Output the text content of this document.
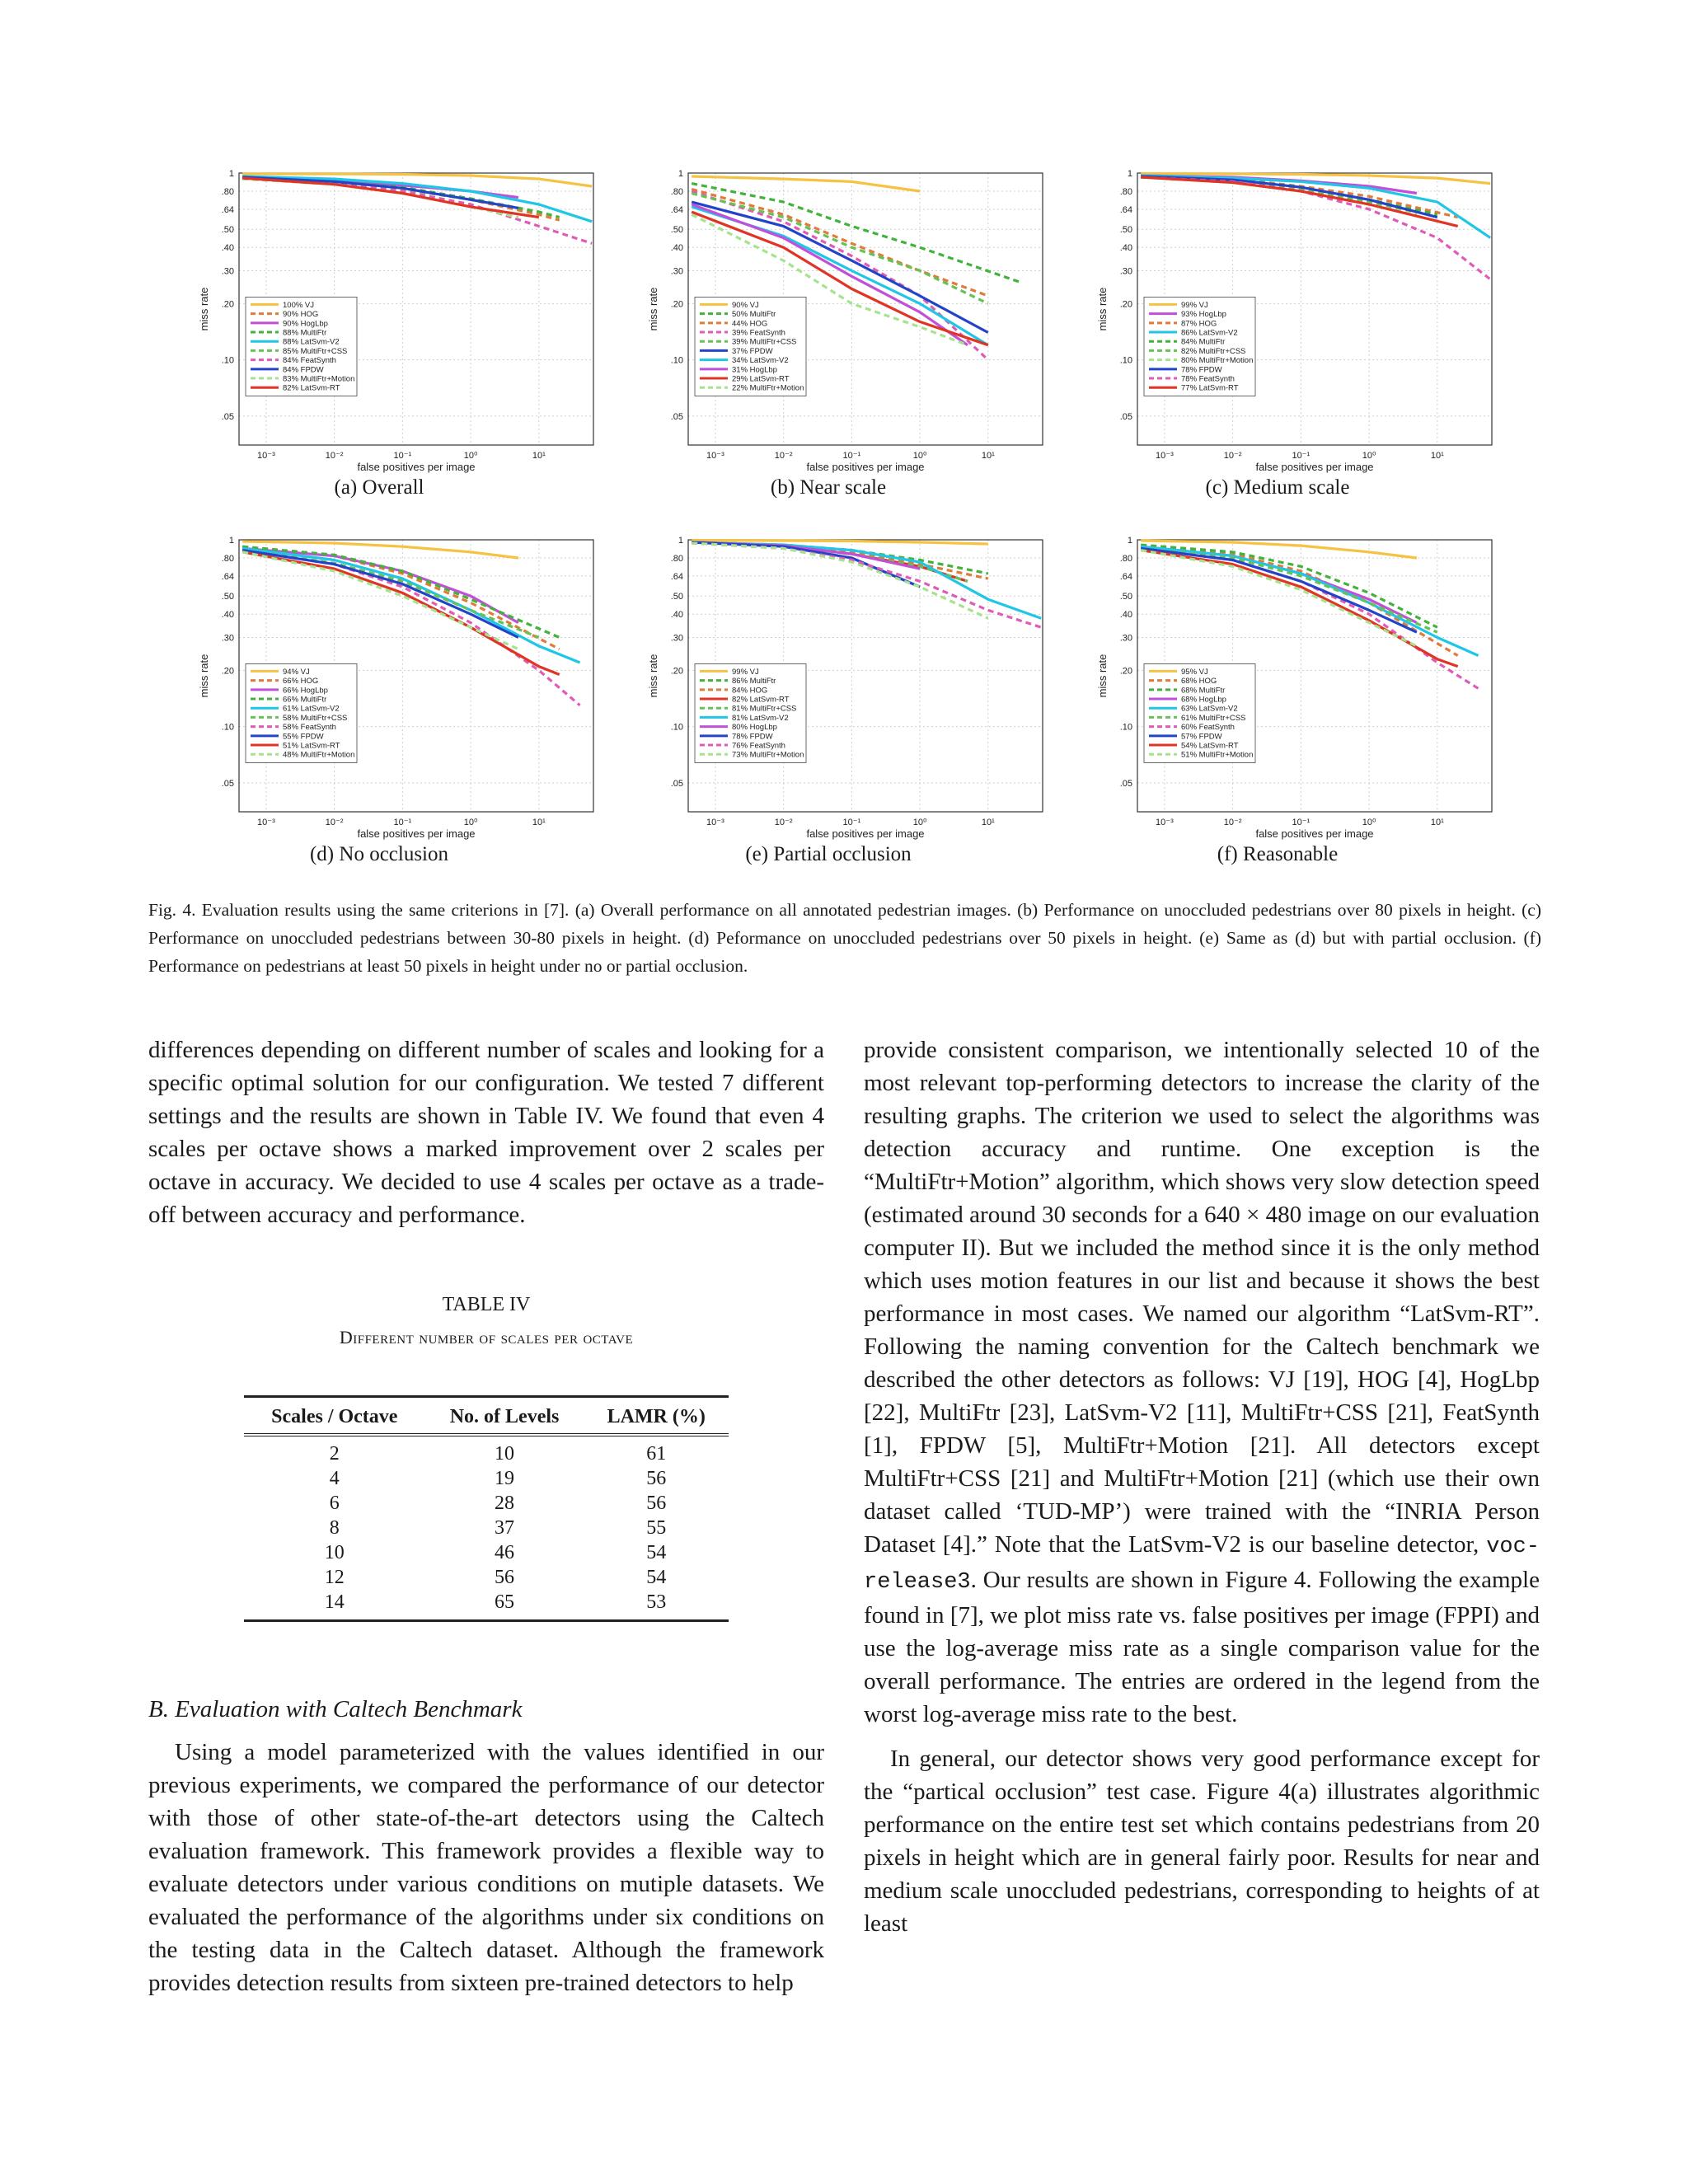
1
.80
.64
.50
.40
.30
.20
.10
.05
10⁻³	10⁻²	10⁻¹	10⁰	10¹
100% VJ
90% HOG
90% HogLbp
88% MultiFtr
88% LatSvm-V2
85% MultiFtr+CSS
84% FeatSynth
84% FPDW
83% MultiFtr+Motion
82% LatSvm-RT
false positives per image
miss rate
(a) Overall
1
.80
.64
.50
.40
.30
.20
.10
.05
10⁻³	10⁻²	10⁻¹	10⁰	10¹
90% VJ
50% MultiFtr
44% HOG
39% FeatSynth
39% MultiFtr+CSS
37% FPDW
34% LatSvm-V2
31% HogLbp
29% LatSvm-RT
22% MultiFtr+Motion
false positives per image
miss rate
(b) Near scale
1
.80
.64
.50
.40
.30
.20
.10
.05
10⁻³	10⁻²	10⁻¹	10⁰	10¹
99% VJ
93% HogLbp
87% HOG
86% LatSvm-V2
84% MultiFtr
82% MultiFtr+CSS
80% MultiFtr+Motion
78% FPDW
78% FeatSynth
77% LatSvm-RT
false positives per image
miss rate
(c) Medium scale
1
.80
.64
.50
.40
.30
.20
.10
.05
10⁻³	10⁻²	10⁻¹	10⁰	10¹
94% VJ
66% HOG
66% HogLbp
66% MultiFtr
61% LatSvm-V2
58% MultiFtr+CSS
58% FeatSynth
55% FPDW
51% LatSvm-RT
48% MultiFtr+Motion
false positives per image
miss rate
(d) No occlusion
1
.80
.64
.50
.40
.30
.20
.10
.05
10⁻³	10⁻²	10⁻¹	10⁰	10¹
99% VJ
86% MultiFtr
84% HOG
82% LatSvm-RT
81% MultiFtr+CSS
81% LatSvm-V2
80% HogLbp
78% FPDW
76% FeatSynth
73% MultiFtr+Motion
false positives per image
miss rate
(e) Partial occlusion
1
.80
.64
.50
.40
.30
.20
.10
.05
10⁻³	10⁻²	10⁻¹	10⁰	10¹
95% VJ
68% HOG
68% MultiFtr
68% HogLbp
63% LatSvm-V2
61% MultiFtr+CSS
60% FeatSynth
57% FPDW
54% LatSvm-RT
51% MultiFtr+Motion
false positives per image
miss rate
(f) Reasonable
Fig. 4. Evaluation results using the same criterions in [7]. (a) Overall performance on all annotated pedestrian images. (b) Performance on unoccluded pedestrians over 80 pixels in height. (c) Performance on unoccluded pedestrians between 30-80 pixels in height. (d) Peformance on unoccluded pedestrians over 50 pixels in height. (e) Same as (d) but with partial occlusion. (f) Performance on pedestrians at least 50 pixels in height under no or partial occlusion.

differences depending on different number of scales and looking for a specific optimal solution for our configuration. We tested 7 different settings and the results are shown in Table IV. We found that even 4 scales per octave shows a marked improvement over 2 scales per octave in accuracy. We decided to use 4 scales per octave as a trade-off between accuracy and performance.

TABLE IV
Different number of scales per octave
Scales / Octave	No. of Levels	LAMR (%)
2	10	61
4	19	56
6	28	56
8	37	55
10	46	54
12	56	54
14	65	53
B. Evaluation with Caltech Benchmark

Using a model parameterized with the values identified in our previous experiments, we compared the performance of our detector with those of other state-of-the-art detectors using the Caltech evaluation framework. This framework provides a flexible way to evaluate detectors under various conditions on mutiple datasets. We evaluated the performance of the algorithms under six conditions on the testing data in the Caltech dataset. Although the framework provides detection results from sixteen pre-trained detectors to help

provide consistent comparison, we intentionally selected 10 of the most relevant top-performing detectors to increase the clarity of the resulting graphs. The criterion we used to select the algorithms was detection accuracy and runtime. One exception is the “MultiFtr+Motion” algorithm, which shows very slow detection speed (estimated around 30 seconds for a 640 × 480 image on our evaluation computer II). But we included the method since it is the only method which uses motion features in our list and because it shows the best performance in most cases. We named our algorithm “LatSvm-RT”. Following the naming convention for the Caltech benchmark we described the other detectors as follows: VJ [19], HOG [4], HogLbp [22], MultiFtr [23], LatSvm-V2 [11], MultiFtr+CSS [21], FeatSynth [1], FPDW [5], MultiFtr+Motion [21]. All detectors except MultiFtr+CSS [21] and MultiFtr+Motion [21] (which use their own dataset called ‘TUD-MP’) were trained with the “INRIA Person Dataset [4].” Note that the LatSvm-V2 is our baseline detector, voc-release3. Our results are shown in Figure 4. Following the example found in [7], we plot miss rate vs. false positives per image (FPPI) and use the log-average miss rate as a single comparison value for the overall performance. The entries are ordered in the legend from the worst log-average miss rate to the best.

In general, our detector shows very good performance except for the “partical occlusion” test case. Figure 4(a) illustrates algorithmic performance on the entire test set which contains pedestrians from 20 pixels in height which are in general fairly poor. Results for near and medium scale unoccluded pedestrians, corresponding to heights of at least
